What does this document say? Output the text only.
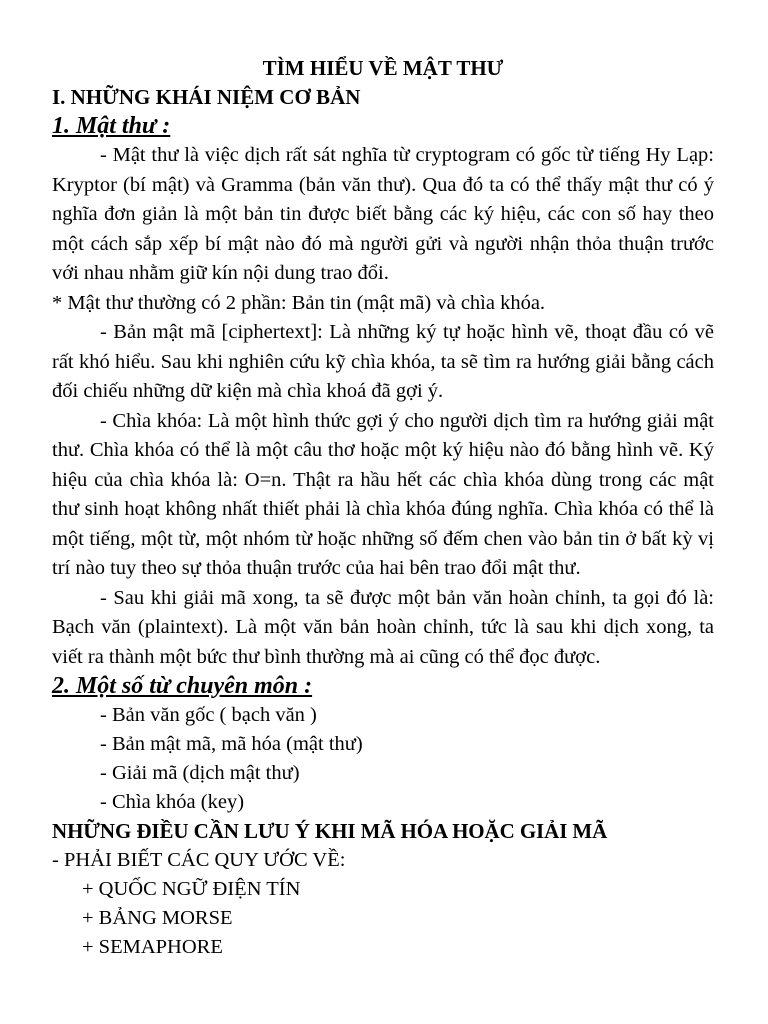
TÌM HIỂU VỀ MẬT THƯ
I. NHỮNG KHÁI NIỆM CƠ BẢN
1. Mật thư :

- Mật thư là việc dịch rất sát nghĩa từ cryptogram có gốc từ tiếng Hy Lạp: Kryptor (bí mật) và Gramma (bản văn thư). Qua đó ta có thể thấy mật thư có ý nghĩa đơn giản là một bản tin được biết bằng các ký hiệu, các con số hay theo một cách sắp xếp bí mật nào đó mà người gửi và người nhận thỏa thuận trước với nhau nhằm giữ kín nội dung trao đổi.

* Mật thư thường có 2 phần: Bản tin (mật mã) và chìa khóa.

- Bản mật mã [ciphertext]: Là những ký tự hoặc hình vẽ, thoạt đầu có vẽ rất khó hiểu. Sau khi nghiên cứu kỹ chìa khóa, ta sẽ tìm ra hướng giải bằng cách đối chiếu những dữ kiện mà chìa khoá đã gợi ý.

- Chìa khóa: Là một hình thức gợi ý cho người dịch tìm ra hướng giải mật thư. Chìa khóa có thể là một câu thơ hoặc một ký hiệu nào đó bằng hình vẽ. Ký hiệu của chìa khóa là: O=n. Thật ra hầu hết các chìa khóa dùng trong các mật thư sinh hoạt không nhất thiết phải là chìa khóa đúng nghĩa. Chìa khóa có thể là một tiếng, một từ, một nhóm từ hoặc những số đếm chen vào bản tin ở bất kỳ vị trí nào tuy theo sự thỏa thuận trước của hai bên trao đổi mật thư.

- Sau khi giải mã xong, ta sẽ được một bản văn hoàn chỉnh, ta gọi đó là: Bạch văn (plaintext). Là một văn bản hoàn chỉnh, tức là sau khi dịch xong, ta viết ra thành một bức thư bình thường mà ai cũng có thể đọc được.

2. Một số từ chuyên môn :

- Bản văn gốc ( bạch văn )

- Bản mật mã, mã hóa (mật thư)

- Giải mã (dịch mật thư)

- Chìa khóa (key)

NHỮNG ĐIỀU CẦN LƯU Ý KHI MÃ HÓA HOẶC GIẢI MÃ

- PHẢI BIẾT CÁC QUY ƯỚC VỀ:

+ QUỐC NGỮ ĐIỆN TÍN

+ BẢNG MORSE

+ SEMAPHORE
